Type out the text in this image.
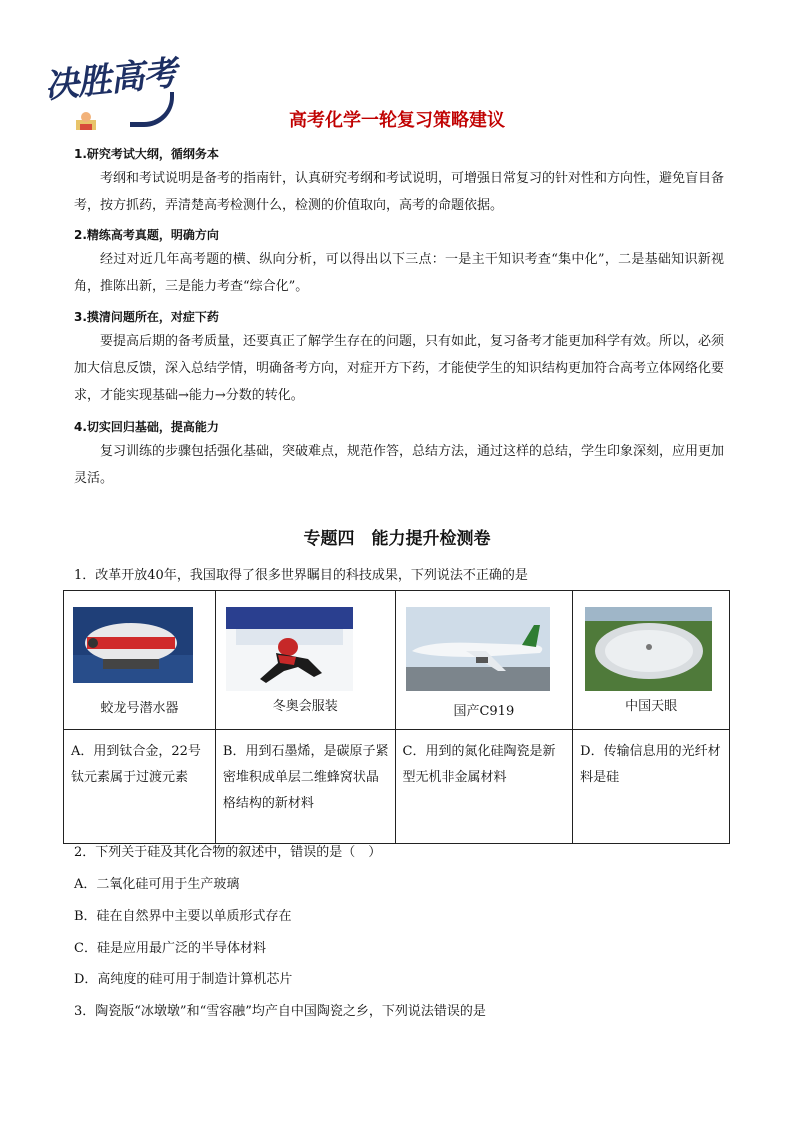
决胜高考
高考化学一轮复习策略建议
1.研究考试大纲，循纲务本
考纲和考试说明是备考的指南针，认真研究考纲和考试说明，可增强日常复习的针对性和方向性，避免盲目备考，按方抓药，弄清楚高考检测什么，检测的价值取向，高考的命题依据。
2.精练高考真题，明确方向
经过对近几年高考题的横、纵向分析，可以得出以下三点：一是主干知识考查“集中化”，二是基础知识新视角，推陈出新，三是能力考查“综合化”。
3.摸清问题所在，对症下药
要提高后期的备考质量，还要真正了解学生存在的问题，只有如此，复习备考才能更加科学有效。所以，必须加大信息反馈，深入总结学情，明确备考方向，对症开方下药，才能使学生的知识结构更加符合高考立体网络化要求，才能实现基础→能力→分数的转化。
4.切实回归基础，提高能力
复习训练的步骤包括强化基础，突破难点，规范作答，总结方法，通过这样的总结，学生印象深刻，应用更加灵活。
专题四　能力提升检测卷
1．改革开放40年，我国取得了很多世界瞩目的科技成果，下列说法不正确的是
蛟龙号潜水器	冬奥会服装	国产C919	中国天眼

A．用到钛合金，22号钛元素属于过渡元素	B．用到石墨烯，是碳原子紧密堆积成单层二维蜂窝状晶格结构的新材料	C．用到的氮化硅陶瓷是新型无机非金属材料	D．传输信息用的光纤材料是硅
2．下列关于硅及其化合物的叙述中，错误的是（　）
A．二氧化硅可用于生产玻璃
B．硅在自然界中主要以单质形式存在
C．硅是应用最广泛的半导体材料
D．高纯度的硅可用于制造计算机芯片
3．陶瓷版“冰墩墩”和“雪容融”均产自中国陶瓷之乡，下列说法错误的是
